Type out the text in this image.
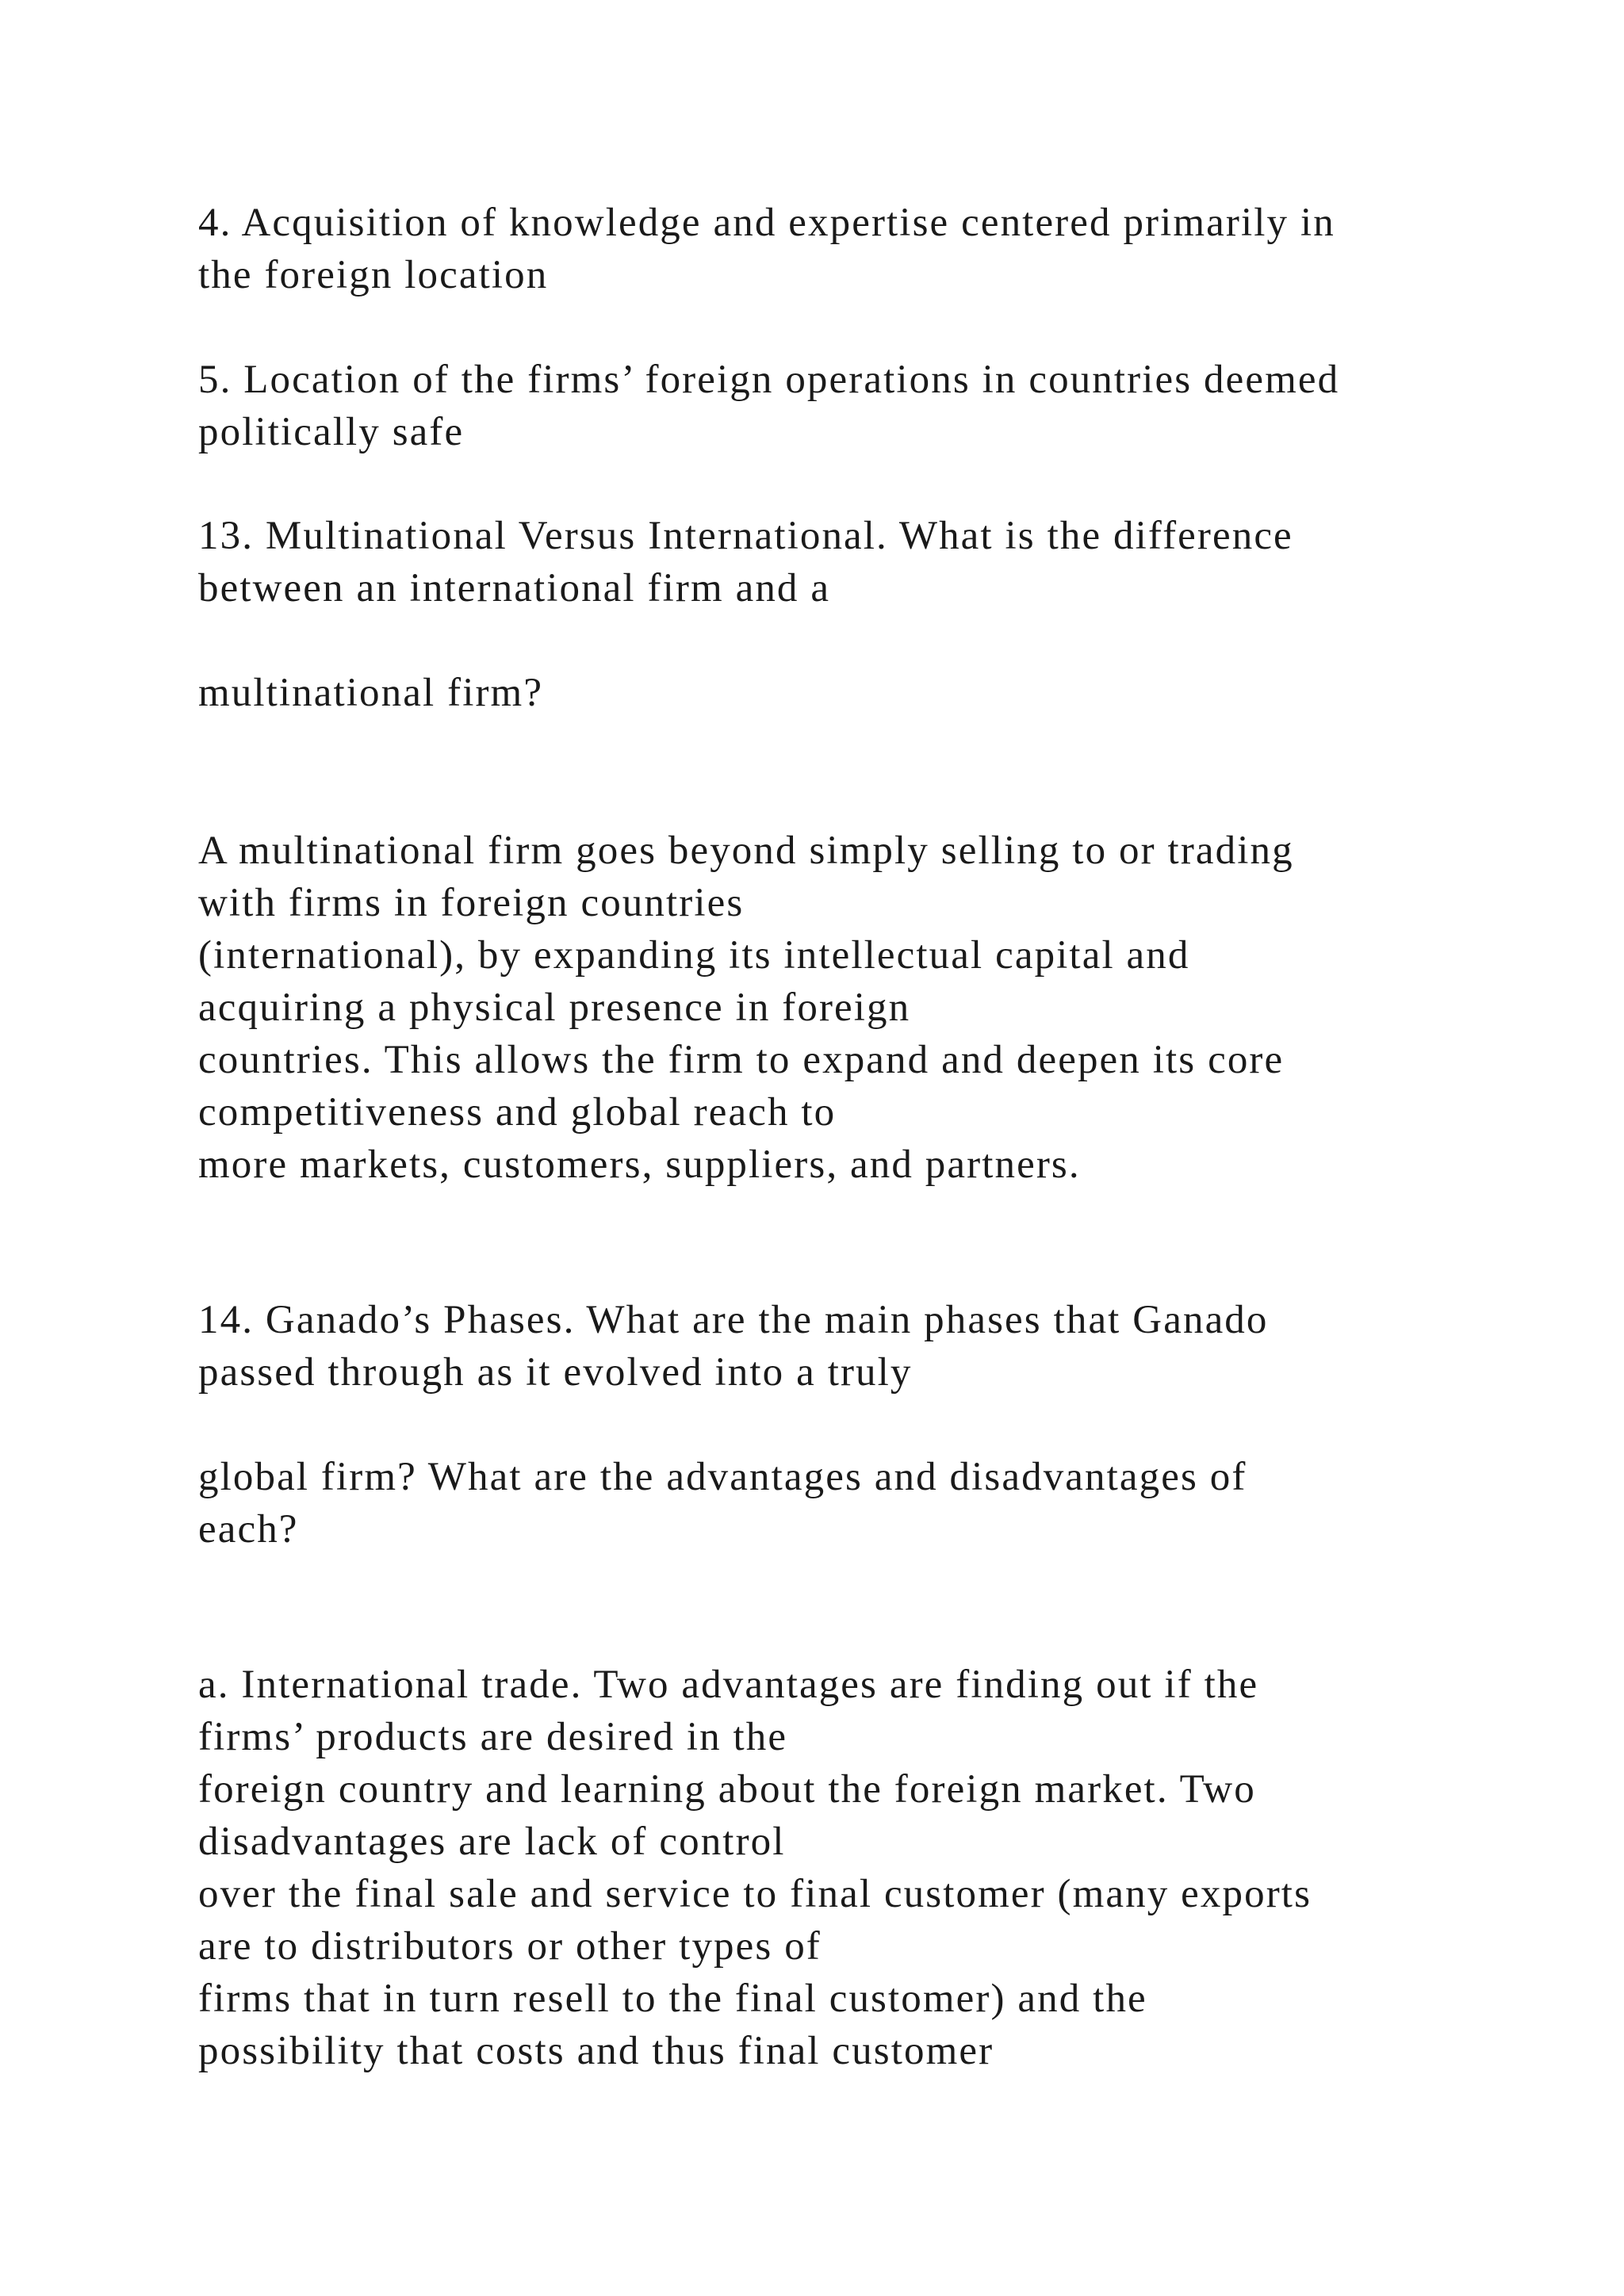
4. Acquisition of knowledge and expertise centered primarily in
the foreign location

5. Location of the firms’ foreign operations in countries deemed
politically safe

13. Multinational Versus International. What is the difference
between an international firm and a

multinational firm?

A multinational firm goes beyond simply selling to or trading
with firms in foreign countries
(international), by expanding its intellectual capital and
acquiring a physical presence in foreign
countries. This allows the firm to expand and deepen its core
competitiveness and global reach to
more markets, customers, suppliers, and partners.

14. Ganado’s Phases. What are the main phases that Ganado
passed through as it evolved into a truly

global firm? What are the advantages and disadvantages of
each?

a. International trade. Two advantages are finding out if the
firms’ products are desired in the
foreign country and learning about the foreign market. Two
disadvantages are lack of control
over the final sale and service to final customer (many exports
are to distributors or other types of
firms that in turn resell to the final customer) and the
possibility that costs and thus final customer
